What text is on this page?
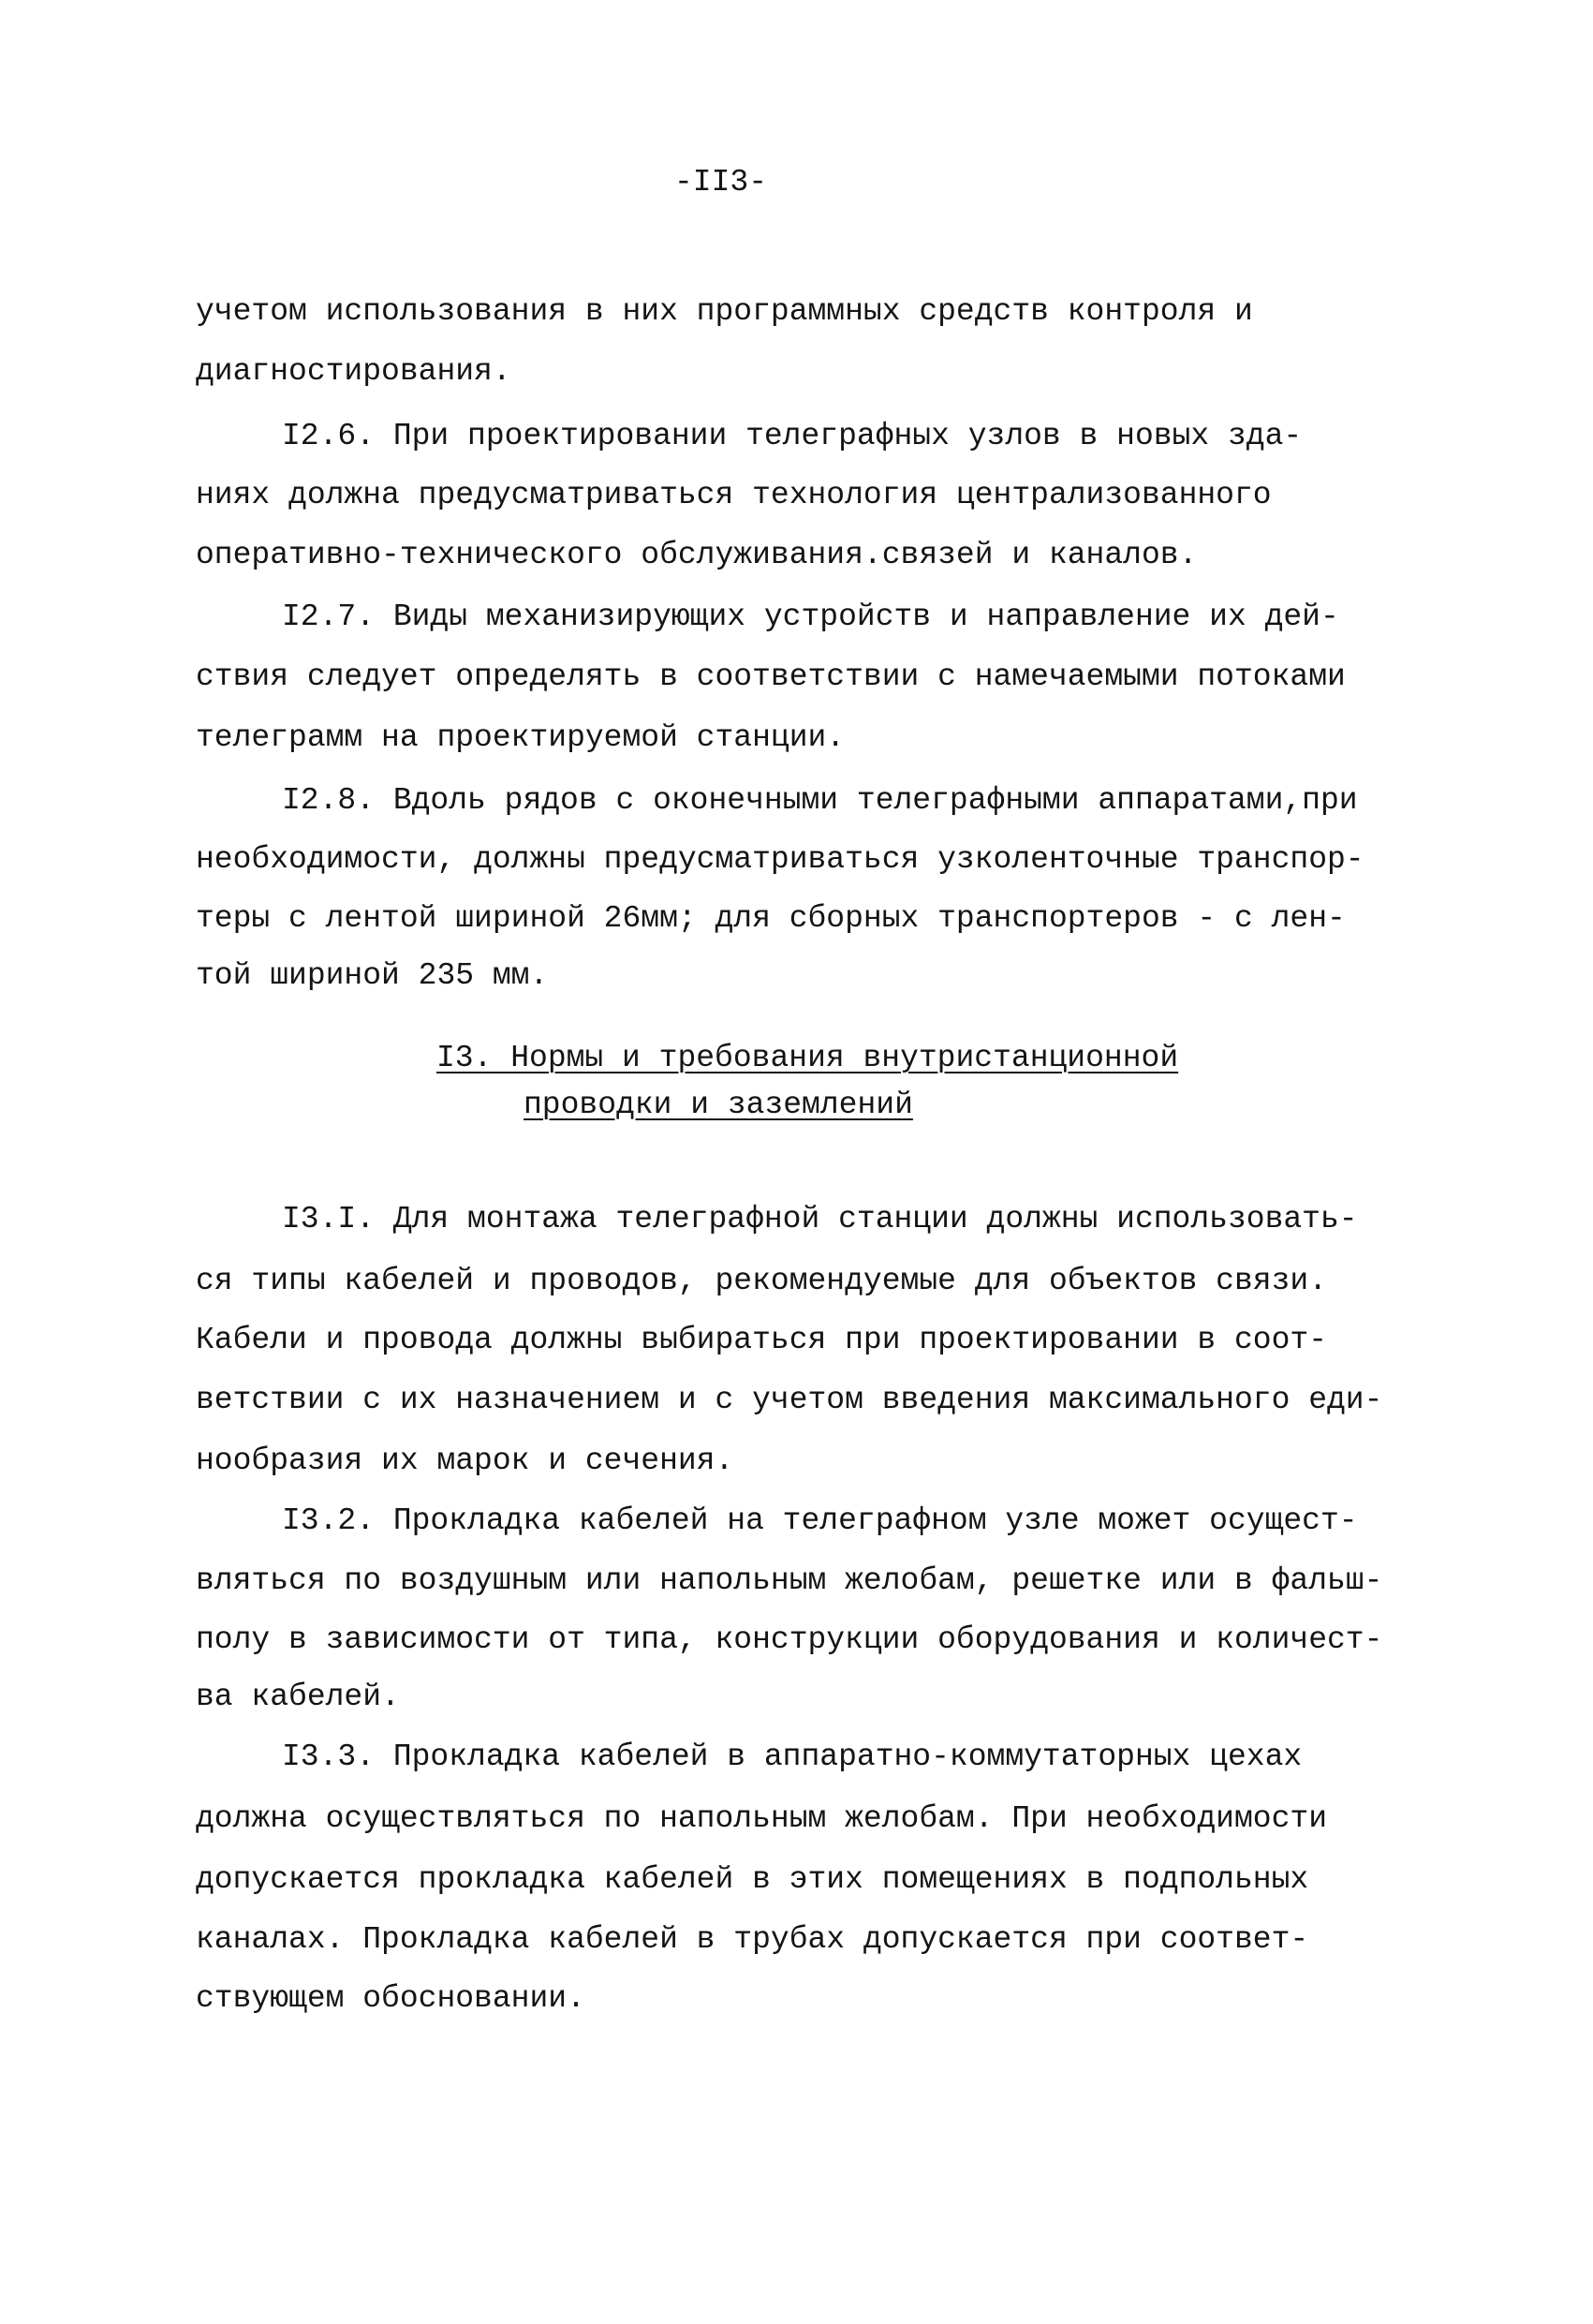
-II3-
учетом использования в них программных средств контроля и
диагностирования.
I2.6. При проектировании телеграфных узлов в новых зда-
ниях должна предусматриваться технология централизованного
оперативно-технического обслуживания.связей и каналов.
I2.7. Виды механизирующих устройств и направление их дей-
ствия следует определять в соответствии с намечаемыми потоками
телеграмм на проектируемой станции.
I2.8. Вдоль рядов с оконечными телеграфными аппаратами,при
необходимости, должны предусматриваться узколенточные транспор-
теры с лентой шириной 26мм; для сборных транспортеров - с лен-
той шириной 235 мм.
I3. Нормы и требования внутристанционной
проводки и заземлений
I3.I. Для монтажа телеграфной станции должны использовать-
ся типы кабелей и проводов, рекомендуемые для объектов связи.
Кабели и провода должны выбираться при проектировании в соот-
ветствии с их назначением и с учетом введения максимального еди-
нообразия их марок и сечения.
I3.2. Прокладка кабелей на телеграфном узле может осущест-
вляться по воздушным или напольным желобам, решетке или в фальш-
полу в зависимости от типа, конструкции оборудования и количест-
ва кабелей.
I3.3. Прокладка кабелей в аппаратно-коммутаторных цехах
должна осуществляться по напольным желобам. При необходимости
допускается прокладка кабелей в этих помещениях в подпольных
каналах. Прокладка кабелей в трубах допускается при соответ-
ствующем обосновании.
